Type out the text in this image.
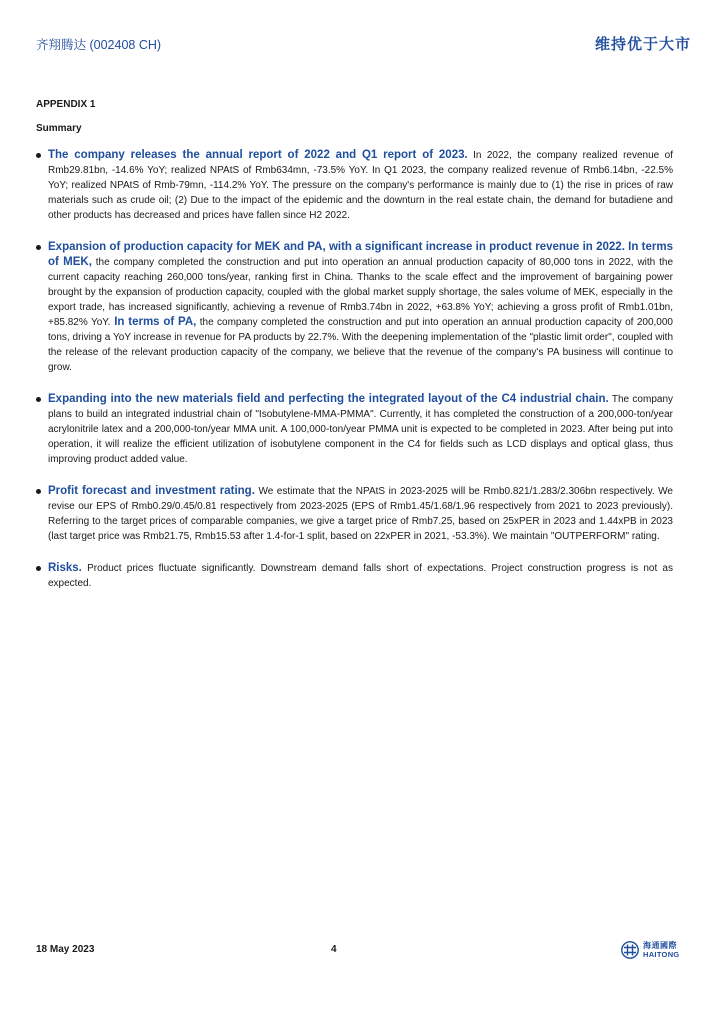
齐翔腾达 (002408 CH)	维持优于大市
APPENDIX 1
Summary
The company releases the annual report of 2022 and Q1 report of 2023. In 2022, the company realized revenue of Rmb29.81bn, -14.6% YoY; realized NPAtS of Rmb634mn, -73.5% YoY. In Q1 2023, the company realized revenue of Rmb6.14bn, -22.5% YoY; realized NPAtS of Rmb-79mn, -114.2% YoY. The pressure on the company's performance is mainly due to (1) the rise in prices of raw materials such as crude oil; (2) Due to the impact of the epidemic and the downturn in the real estate chain, the demand for butadiene and other products has decreased and prices have fallen since H2 2022.
Expansion of production capacity for MEK and PA, with a significant increase in product revenue in 2022. In terms of MEK, the company completed the construction and put into operation an annual production capacity of 80,000 tons in 2022, with the current capacity reaching 260,000 tons/year, ranking first in China. Thanks to the scale effect and the improvement of bargaining power brought by the expansion of production capacity, coupled with the global market supply shortage, the sales volume of MEK, especially in the export trade, has increased significantly, achieving a revenue of Rmb3.74bn in 2022, +63.8% YoY; achieving a gross profit of Rmb1.01bn, +85.82% YoY. In terms of PA, the company completed the construction and put into operation an annual production capacity of 200,000 tons, driving a YoY increase in revenue for PA products by 22.7%. With the deepening implementation of the "plastic limit order", coupled with the release of the relevant production capacity of the company, we believe that the revenue of the company's PA business will continue to grow.
Expanding into the new materials field and perfecting the integrated layout of the C4 industrial chain. The company plans to build an integrated industrial chain of "Isobutylene-MMA-PMMA". Currently, it has completed the construction of a 200,000-ton/year acrylonitrile latex and a 200,000-ton/year MMA unit. A 100,000-ton/year PMMA unit is expected to be completed in 2023. After being put into operation, it will realize the efficient utilization of isobutylene component in the C4 for fields such as LCD displays and optical glass, thus improving product added value.
Profit forecast and investment rating. We estimate that the NPAtS in 2023-2025 will be Rmb0.821/1.283/2.306bn respectively. We revise our EPS of Rmb0.29/0.45/0.81 respectively from 2023-2025 (EPS of Rmb1.45/1.68/1.96 respectively from 2021 to 2023 previously). Referring to the target prices of comparable companies, we give a target price of Rmb7.25, based on 25xPER in 2023 and 1.44xPB in 2023 (last target price was Rmb21.75, Rmb15.53 after 1.4-for-1 split, based on 22xPER in 2021, -53.3%). We maintain "OUTPERFORM" rating.
Risks. Product prices fluctuate significantly. Downstream demand falls short of expectations. Project construction progress is not as expected.
18 May 2023	4	海通國際
HAITONG
